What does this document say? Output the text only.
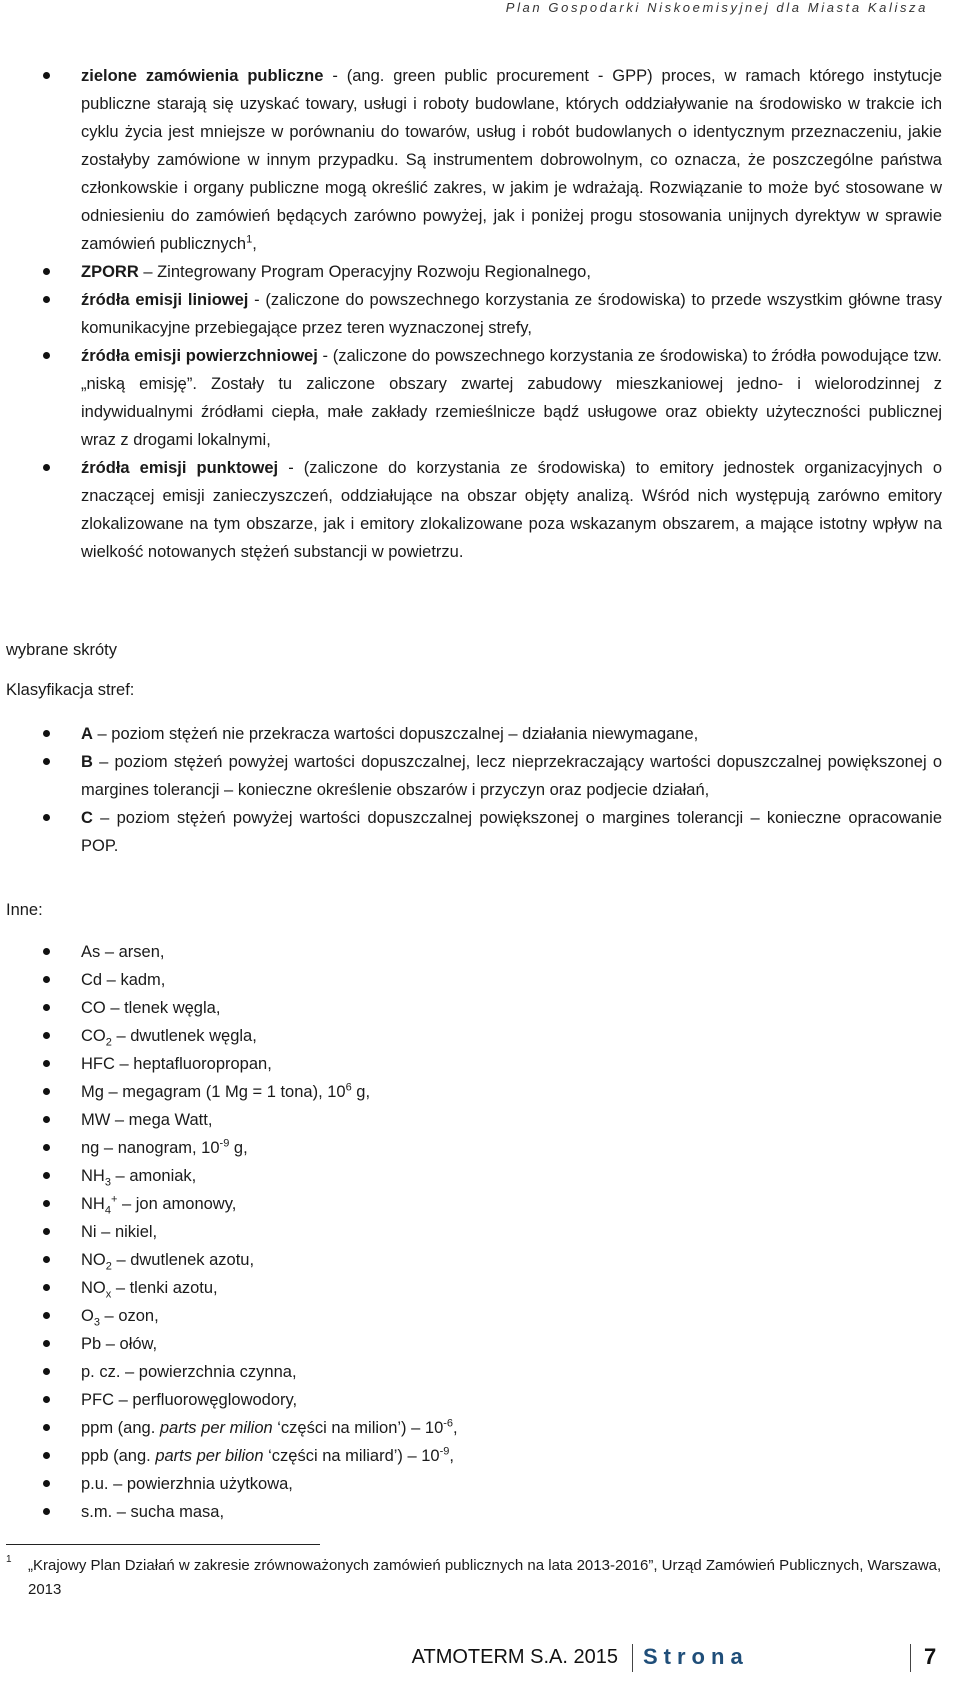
Plan Gospodarki Niskoemisyjnej dla Miasta Kalisza
zielone zamówienia publiczne - (ang. green public procurement - GPP) proces, w ramach którego instytucje publiczne starają się uzyskać towary, usługi i roboty budowlane, których oddziaływanie na środowisko w trakcie ich cyklu życia jest mniejsze w porównaniu do towarów, usług i robót budowlanych o identycznym przeznaczeniu, jakie zostałyby zamówione w innym przypadku. Są instrumentem dobrowolnym, co oznacza, że poszczególne państwa członkowskie i organy publiczne mogą określić zakres, w jakim je wdrażają. Rozwiązanie to może być stosowane w odniesieniu do zamówień będących zarówno powyżej, jak i poniżej progu stosowania unijnych dyrektyw w sprawie zamówień publicznych$^1$,
ZPORR – Zintegrowany Program Operacyjny Rozwoju Regionalnego,
źródła emisji liniowej - (zaliczone do powszechnego korzystania ze środowiska) to przede wszystkim główne trasy komunikacyjne przebiegające przez teren wyznaczonej strefy,
źródła emisji powierzchniowej - (zaliczone do powszechnego korzystania ze środowiska) to źródła powodujące tzw. „niską emisję”. Zostały tu zaliczone obszary zwartej zabudowy mieszkaniowej jedno- i wielorodzinnej z indywidualnymi źródłami ciepła, małe zakłady rzemieślnicze bądź usługowe oraz obiekty użyteczności publicznej wraz z drogami lokalnymi,
źródła emisji punktowej - (zaliczone do korzystania ze środowiska) to emitory jednostek organizacyjnych o znaczącej emisji zanieczyszczeń, oddziałujące na obszar objęty analizą. Wśród nich występują zarówno emitory zlokalizowane na tym obszarze, jak i emitory zlokalizowane poza wskazanym obszarem, a mające istotny wpływ na wielkość notowanych stężeń substancji w powietrzu.
wybrane skróty
Klasyfikacja stref:
A – poziom stężeń nie przekracza wartości dopuszczalnej – działania niewymagane,
B – poziom stężeń powyżej wartości dopuszczalnej, lecz nieprzekraczający wartości dopuszczalnej powiększonej o margines tolerancji – konieczne określenie obszarów i przyczyn oraz podjecie działań,
C – poziom stężeń powyżej wartości dopuszczalnej powiększonej o margines tolerancji – konieczne opracowanie POP.
Inne:
As – arsen,
Cd – kadm,
CO – tlenek węgla,
$CO_2$ – dwutlenek węgla,
HFC – heptafluoropropan,
Mg – megagram (1 Mg = 1 tona), $10^6$ g,
MW – mega Watt,
ng – nanogram, $10^{-9}$ g,
$NH_3$ – amoniak,
$NH_4^+$ – jon amonowy,
Ni – nikiel,
$NO_2$ – dwutlenek azotu,
$NO_x$ – tlenki azotu,
$O_3$ – ozon,
Pb – ołów,
p. cz. – powierzchnia czynna,
PFC – perfluorowęglowodory,
ppm (ang. parts per milion ‘części na milion’) – $10^{-6}$,
ppb (ang. parts per bilion ‘części na miliard’) – $10^{-9}$,
p.u. – powierzhnia użytkowa,
s.m. – sucha masa,
1	„Krajowy Plan Działań w zakresie zrównoważonych zamówień publicznych na lata 2013-2016”, Urząd Zamówień Publicznych, Warszawa, 2013
ATMOTERM S.A. 2015 Strona	7
